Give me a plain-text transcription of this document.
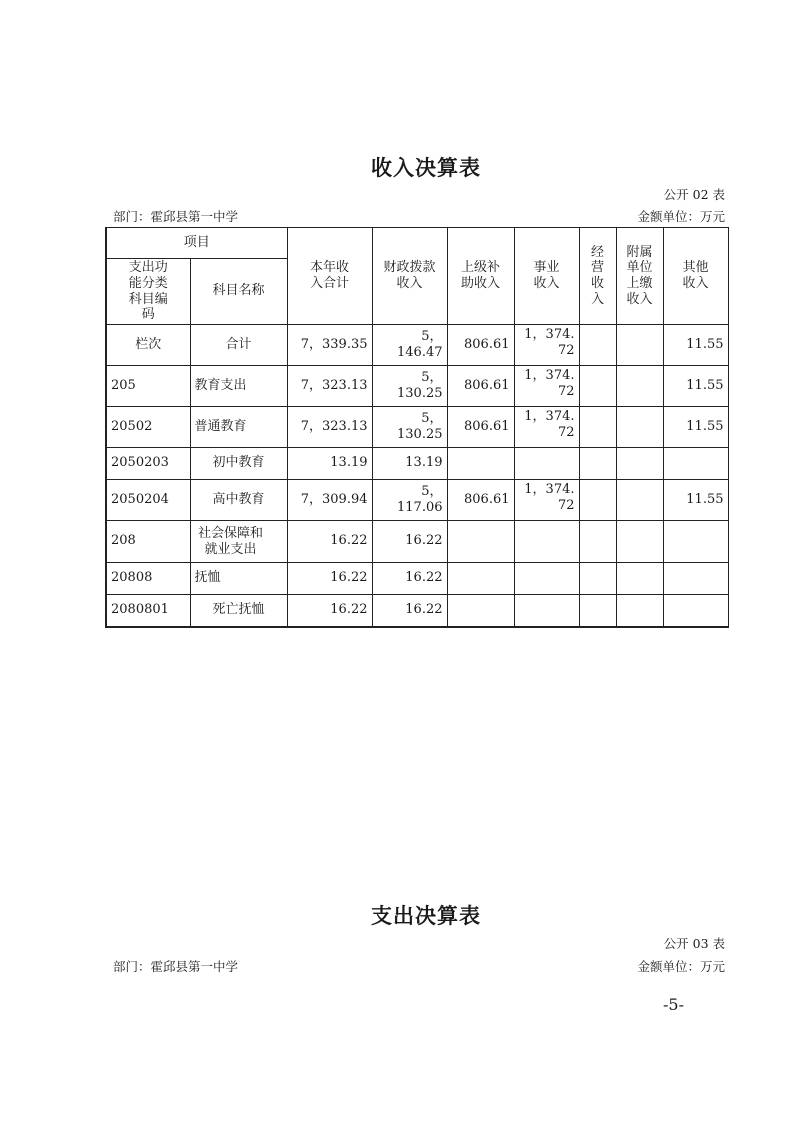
收入决算表
公开 02 表
部门：霍邱县第一中学	金额单位：万元
项目		本年收入合计	财政拨款收入	上级补助收入	事业收入	经营收入	附属单位上缴收入	其他收入

支出功能分类科目编码	科目名称							
栏次	合计	7，339.35	5，146.47	806.61	1，374.72			11.55
205	教育支出	7，323.13	5，130.25	806.61	1，374.72			11.55
20502	普通教育	7，323.13	5，130.25	806.61	1，374.72			11.55
2050203	初中教育	13.19	13.19					
2050204	高中教育	7，309.94	5，117.06	806.61	1，374.72			11.55
208	社会保障和就业支出	16.22	16.22					
20808	抚恤	16.22	16.22					
2080801	死亡抚恤	16.22	16.22					
支出决算表
公开 03 表
部门：霍邱县第一中学	金额单位：万元
-5-
